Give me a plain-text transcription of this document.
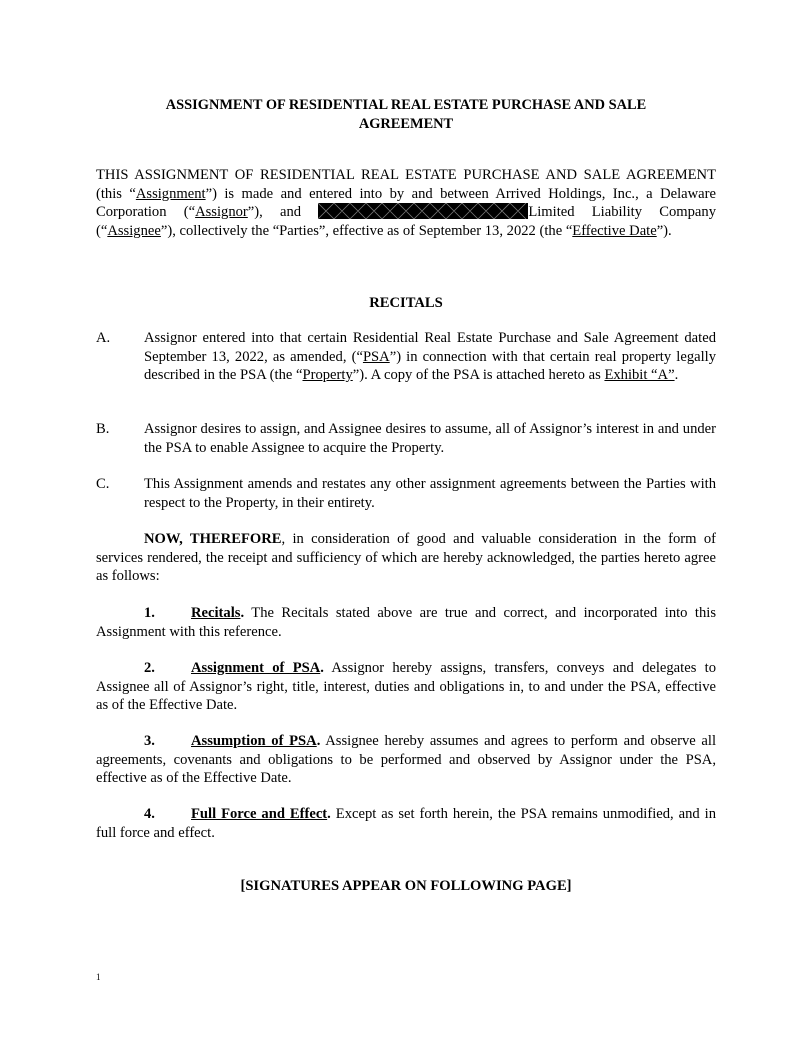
ASSIGNMENT OF RESIDENTIAL REAL ESTATE PURCHASE AND SALE
AGREEMENT
THIS ASSIGNMENT OF RESIDENTIAL REAL ESTATE PURCHASE AND SALE AGREEMENT (this “Assignment”) is made and entered into by and between Arrived Holdings, Inc., a Delaware Corporation (“Assignor”), and	Limited Liability Company (“Assignee”), collectively the “Parties”, effective as of September 13, 2022 (the “Effective Date”).
RECITALS
A. Assignor entered into that certain Residential Real Estate Purchase and Sale Agreement dated September 13, 2022, as amended, (“PSA”) in connection with that certain real property legally described in the PSA (the “Property”). A copy of the PSA is attached hereto as Exhibit “A”.
B. Assignor desires to assign, and Assignee desires to assume, all of Assignor’s interest in and under the PSA to enable Assignee to acquire the Property.
C. This Assignment amends and restates any other assignment agreements between the Parties with respect to the Property, in their entirety.
NOW, THEREFORE, in consideration of good and valuable consideration in the form of services rendered, the receipt and sufficiency of which are hereby acknowledged, the parties hereto agree as follows:
1. Recitals. The Recitals stated above are true and correct, and incorporated into this Assignment with this reference.
2. Assignment of PSA. Assignor hereby assigns, transfers, conveys and delegates to Assignee all of Assignor’s right, title, interest, duties and obligations in, to and under the PSA, effective as of the Effective Date.
3. Assumption of PSA. Assignee hereby assumes and agrees to perform and observe all agreements, covenants and obligations to be performed and observed by Assignor under the PSA, effective as of the Effective Date.
4. Full Force and Effect. Except as set forth herein, the PSA remains unmodified, and in full force and effect.
[SIGNATURES APPEAR ON FOLLOWING PAGE]
1
